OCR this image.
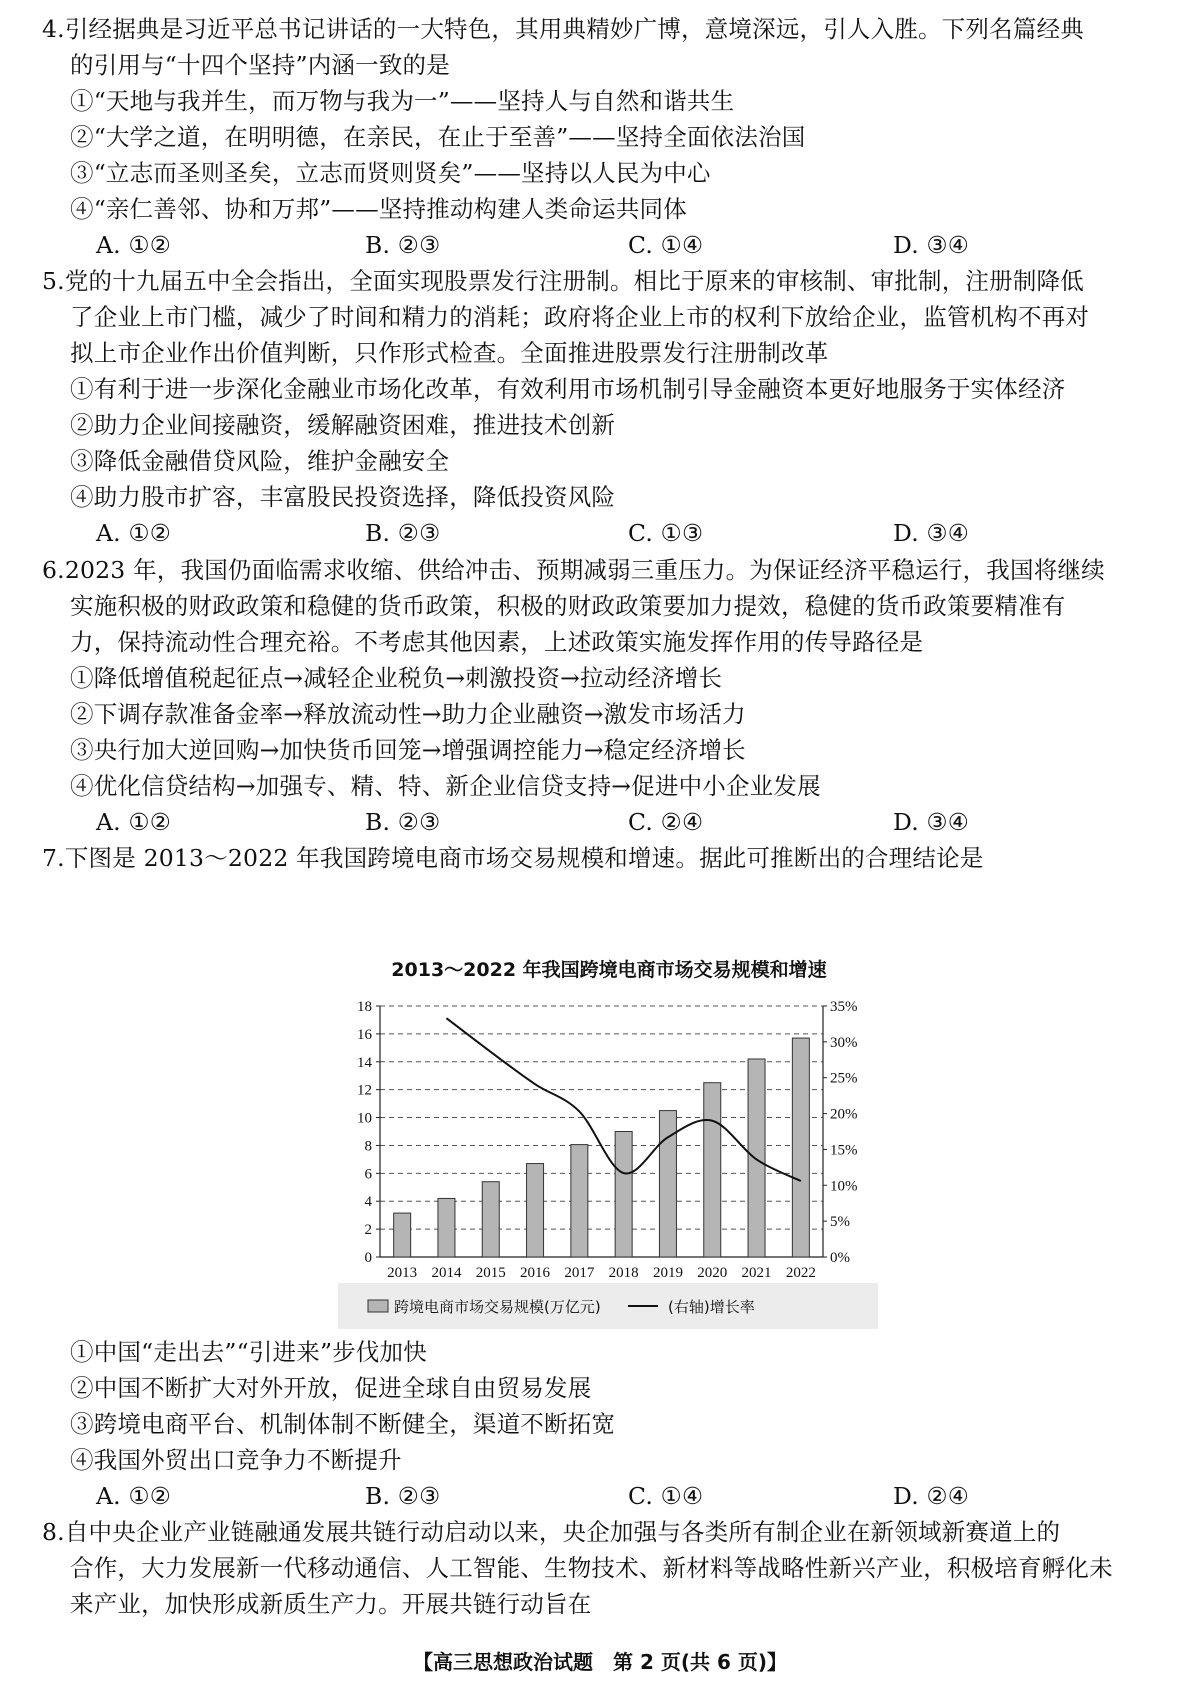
4.引经据典是习近平总书记讲话的一大特色，其用典精妙广博，意境深远，引人入胜。下列名篇经典
的引用与“十四个坚持”内涵一致的是
①“天地与我并生，而万物与我为一”——坚持人与自然和谐共生
②“大学之道，在明明德，在亲民，在止于至善”——坚持全面依法治国
③“立志而圣则圣矣，立志而贤则贤矣”——坚持以人民为中心
④“亲仁善邻、协和万邦”——坚持推动构建人类命运共同体
A. ①②	B. ②③	C. ①④	D. ③④
5.党的十九届五中全会指出，全面实现股票发行注册制。相比于原来的审核制、审批制，注册制降低
了企业上市门槛，减少了时间和精力的消耗；政府将企业上市的权利下放给企业，监管机构不再对
拟上市企业作出价值判断，只作形式检查。全面推进股票发行注册制改革
①有利于进一步深化金融业市场化改革，有效利用市场机制引导金融资本更好地服务于实体经济
②助力企业间接融资，缓解融资困难，推进技术创新
③降低金融借贷风险，维护金融安全
④助力股市扩容，丰富股民投资选择，降低投资风险
A. ①②	B. ②③	C. ①③	D. ③④
6.2023 年，我国仍面临需求收缩、供给冲击、预期减弱三重压力。为保证经济平稳运行，我国将继续
实施积极的财政政策和稳健的货币政策，积极的财政政策要加力提效，稳健的货币政策要精准有
力，保持流动性合理充裕。不考虑其他因素，上述政策实施发挥作用的传导路径是
①降低增值税起征点→减轻企业税负→刺激投资→拉动经济增长
②下调存款准备金率→释放流动性→助力企业融资→激发市场活力
③央行加大逆回购→加快货币回笼→增强调控能力→稳定经济增长
④优化信贷结构→加强专、精、特、新企业信贷支持→促进中小企业发展
A. ①②	B. ②③	C. ②④	D. ③④
7.下图是 2013～2022 年我国跨境电商市场交易规模和增速。据此可推断出的合理结论是
2013～2022 年我国跨境电商市场交易规模和增速
0
2
4
6
8
10
12
14
16
18
0%
5%
10%
15%
20%
25%
30%
35%
2013 2014 2015 2016 2017 2018 2019 2020 2021 2022
跨境电商市场交易规模(万亿元)	(右轴)增长率
①中国“走出去”“引进来”步伐加快
②中国不断扩大对外开放，促进全球自由贸易发展
③跨境电商平台、机制体制不断健全，渠道不断拓宽
④我国外贸出口竞争力不断提升
A. ①②	B. ②③	C. ①④	D. ②④
8.自中央企业产业链融通发展共链行动启动以来，央企加强与各类所有制企业在新领域新赛道上的
合作，大力发展新一代移动通信、人工智能、生物技术、新材料等战略性新兴产业，积极培育孵化未
来产业，加快形成新质生产力。开展共链行动旨在
【高三思想政治试题　第 2 页(共 6 页)】
